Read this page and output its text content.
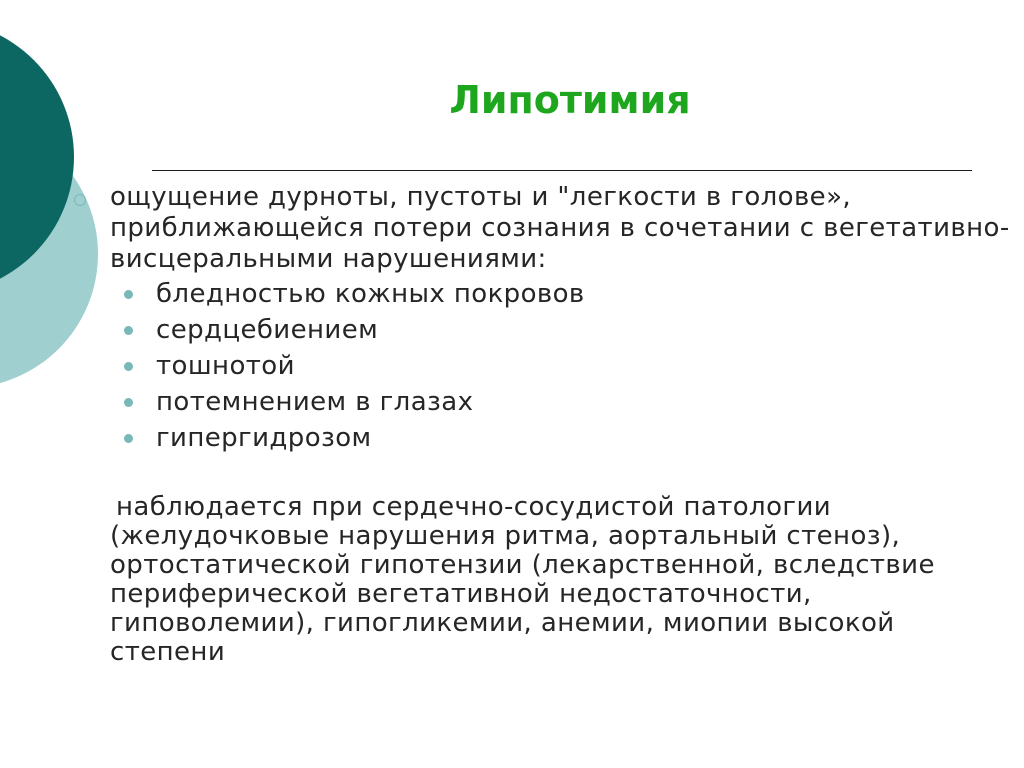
Липотимия

ощущение дурноты, пустоты и "легкости в голове», приближающейся потери сознания в сочетании с вегетативно-висцеральными нарушениями:

бледностью кожных покровов
сердцебиением
тошнотой
потемнением в глазах
гипергидрозом

наблюдается при сердечно-сосудистой патологии (желудочковые нарушения ритма, аортальный стеноз), ортостатической гипотензии (лекарственной, вследствие периферической вегетативной недостаточности, гиповолемии), гипогликемии, анемии, миопии высокой степени
